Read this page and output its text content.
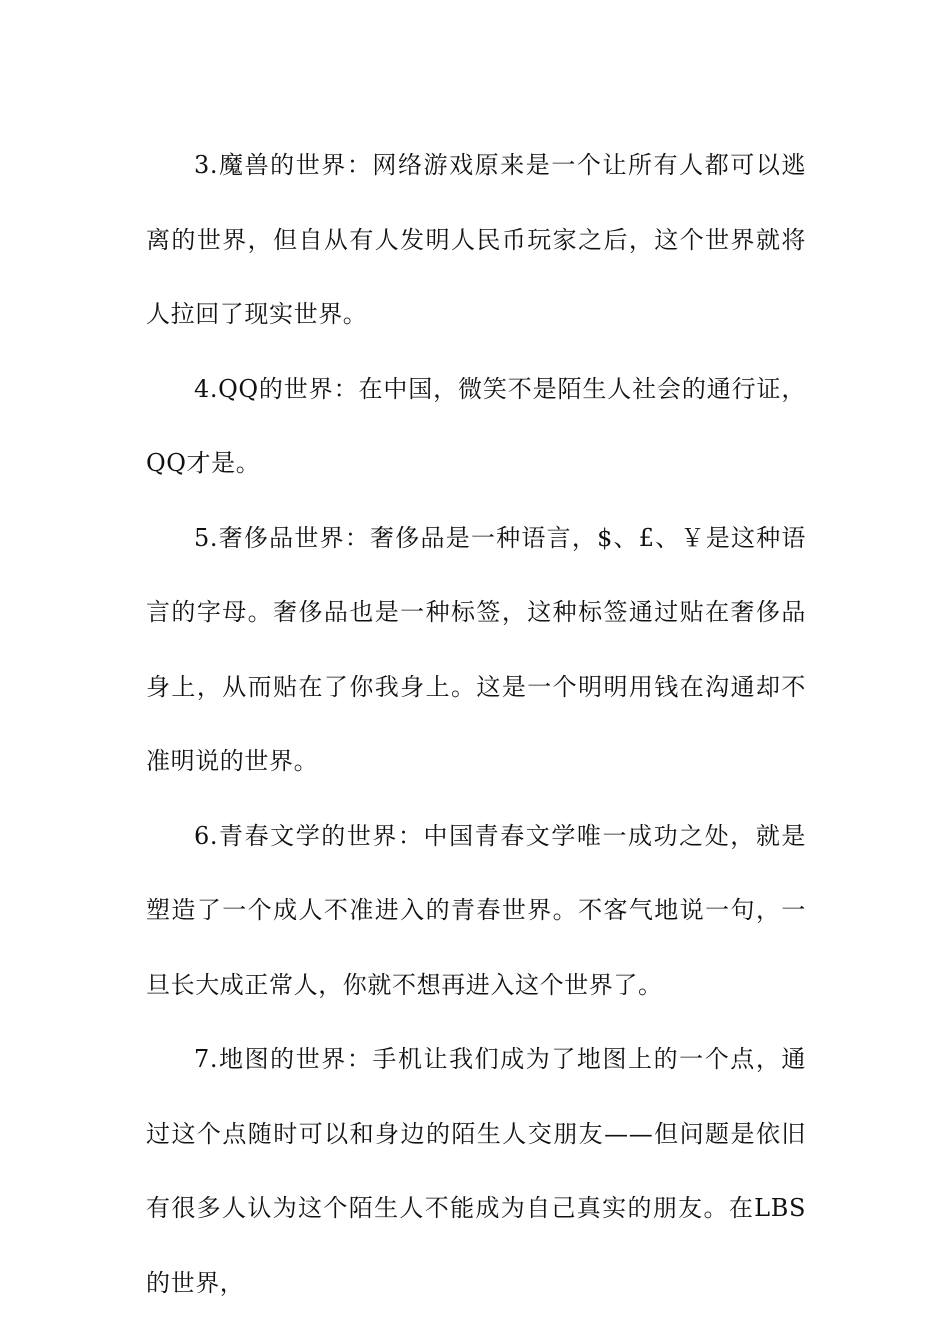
3.魔兽的世界：网络游戏原来是一个让所有人都可以逃离的世界，但自从有人发明人民币玩家之后，这个世界就将人拉回了现实世界。

4.QQ的世界：在中国，微笑不是陌生人社会的通行证，QQ才是。

5.奢侈品世界：奢侈品是一种语言，$、£、￥是这种语言的字母。奢侈品也是一种标签，这种标签通过贴在奢侈品身上，从而贴在了你我身上。这是一个明明用钱在沟通却不准明说的世界。

6.青春文学的世界：中国青春文学唯一成功之处，就是塑造了一个成人不准进入的青春世界。不客气地说一句，一旦长大成正常人，你就不想再进入这个世界了。

7.地图的世界：手机让我们成为了地图上的一个点，通过这个点随时可以和身边的陌生人交朋友——但问题是依旧有很多人认为这个陌生人不能成为自己真实的朋友。在LBS的世界，
